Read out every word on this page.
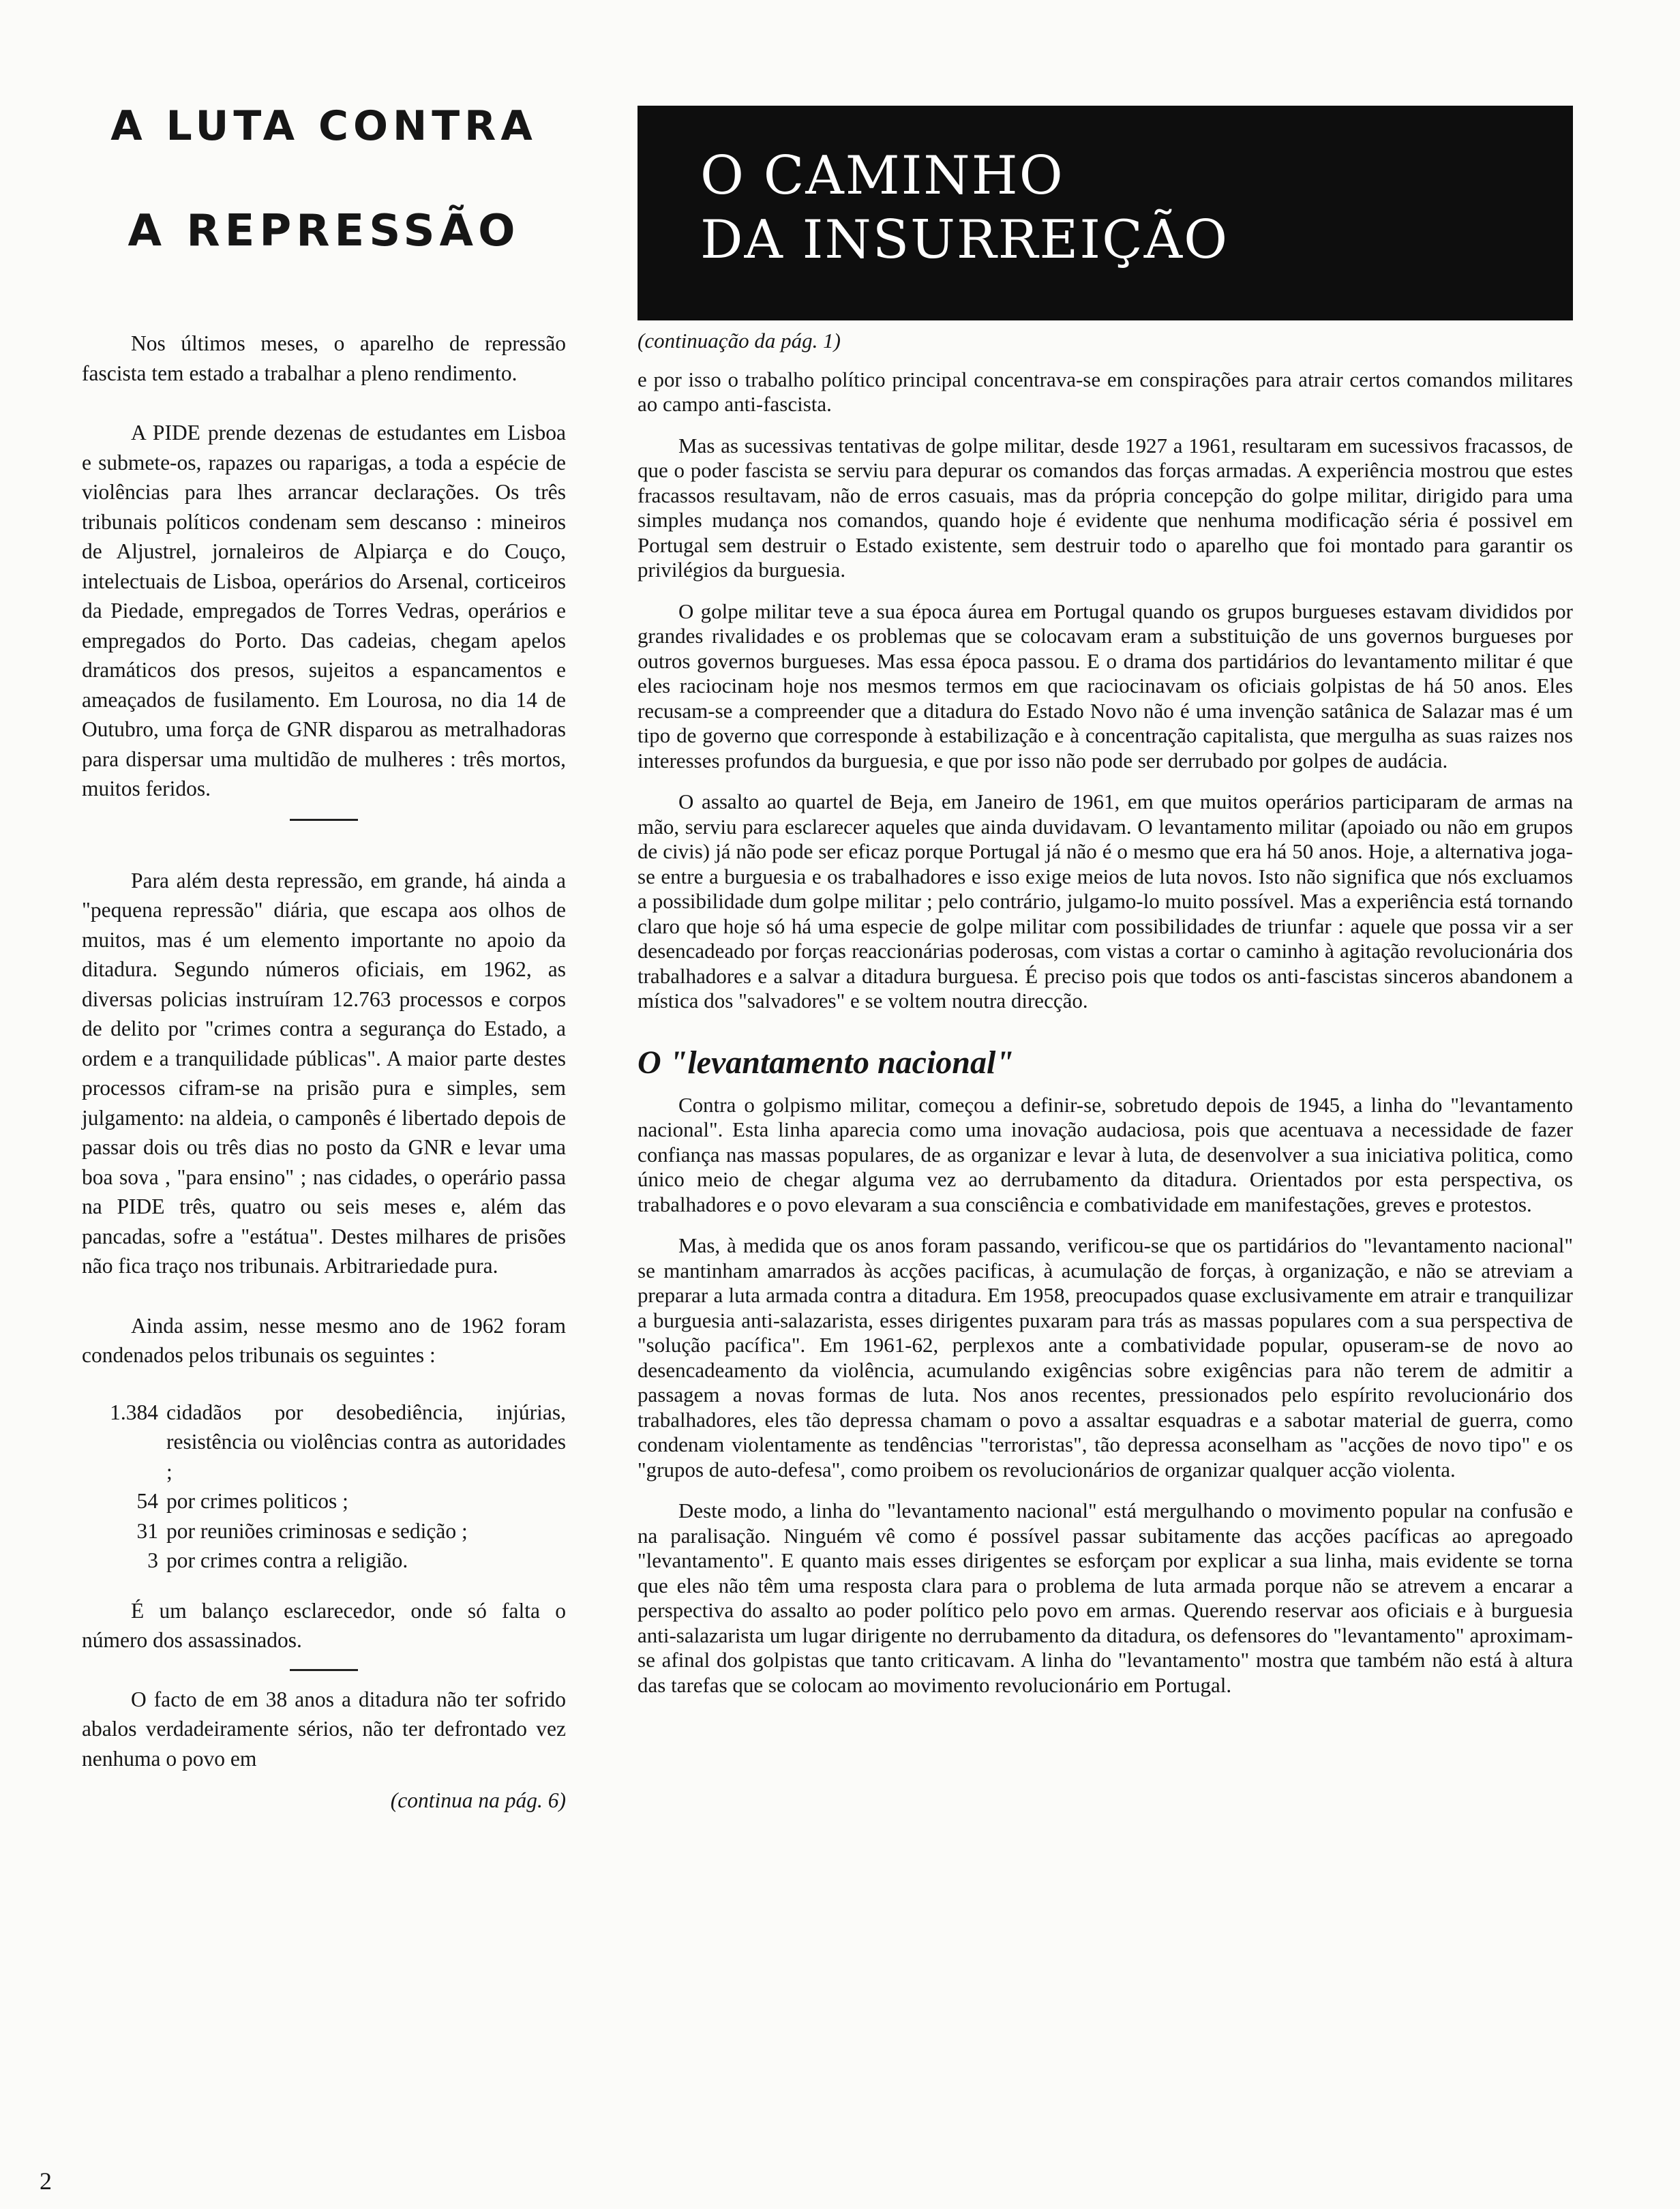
A LUTA CONTRA
A REPRESSÃO

Nos últimos meses, o aparelho de repressão fascista tem estado a trabalhar a pleno rendimento.

A PIDE prende dezenas de estudantes em Lisboa e submete-os, rapazes ou raparigas, a toda a espécie de violências para lhes arrancar declarações. Os três tribunais políticos condenam sem descanso : mineiros de Aljustrel, jornaleiros de Alpiarça e do Couço, intelectuais de Lisboa, operários do Arsenal, corticeiros da Piedade, empregados de Torres Vedras, operários e empregados do Porto. Das cadeias, chegam apelos dramáticos dos presos, sujeitos a espancamentos e ameaçados de fusilamento. Em Lourosa, no dia 14 de Outubro, uma força de GNR disparou as metralhadoras para dispersar uma multidão de mulheres : três mortos, muitos feridos.

Para além desta repressão, em grande, há ainda a "pequena repressão" diária, que escapa aos olhos de muitos, mas é um elemento importante no apoio da ditadura. Segundo números oficiais, em 1962, as diversas policias instruíram 12.763 processos e corpos de delito por "crimes contra a segurança do Estado, a ordem e a tranquilidade públicas". A maior parte destes processos cifram-se na prisão pura e simples, sem julgamento: na aldeia, o camponês é libertado depois de passar dois ou três dias no posto da GNR e levar uma boa sova , "para ensino" ; nas cidades, o operário passa na PIDE três, quatro ou seis meses e, além das pancadas, sofre a "estátua". Destes milhares de prisões não fica traço nos tribunais. Arbitrariedade pura.

Ainda assim, nesse mesmo ano de 1962 foram condenados pelos tribunais os seguintes :

1.384 cidadãos por desobediência, injúrias, resistência ou violências contra as autoridades ;
54 por crimes politicos ;
31 por reuniões criminosas e sedição ;
3 por crimes contra a religião.

É um balanço esclarecedor, onde só falta o número dos assassinados.

O facto de em 38 anos a ditadura não ter sofrido abalos verdadeiramente sérios, não ter defrontado vez nenhuma o povo em

(continua na pág. 6)
O CAMINHO
DA INSURREIÇÃO
(continuação da pág. 1)

e por isso o trabalho político principal concentrava-se em conspirações para atrair certos comandos militares ao campo anti-fascista.

Mas as sucessivas tentativas de golpe militar, desde 1927 a 1961, resultaram em sucessivos fracassos, de que o poder fascista se serviu para depurar os comandos das forças armadas. A experiência mostrou que estes fracassos resultavam, não de erros casuais, mas da própria concepção do golpe militar, dirigido para uma simples mudança nos comandos, quando hoje é evidente que nenhuma modificação séria é possivel em Portugal sem destruir o Estado existente, sem destruir todo o aparelho que foi montado para garantir os privilégios da burguesia.

O golpe militar teve a sua época áurea em Portugal quando os grupos burgueses estavam divididos por grandes rivalidades e os problemas que se colocavam eram a substituição de uns governos burgueses por outros governos burgueses. Mas essa época passou. E o drama dos partidários do levantamento militar é que eles raciocinam hoje nos mesmos termos em que raciocinavam os oficiais golpistas de há 50 anos. Eles recusam-se a compreender que a ditadura do Estado Novo não é uma invenção satânica de Salazar mas é um tipo de governo que corresponde à estabilização e à concentração capitalista, que mergulha as suas raizes nos interesses profundos da burguesia, e que por isso não pode ser derrubado por golpes de audácia.

O assalto ao quartel de Beja, em Janeiro de 1961, em que muitos operários participaram de armas na mão, serviu para esclarecer aqueles que ainda duvidavam. O levantamento militar (apoiado ou não em grupos de civis) já não pode ser eficaz porque Portugal já não é o mesmo que era há 50 anos. Hoje, a alternativa joga-se entre a burguesia e os trabalhadores e isso exige meios de luta novos. Isto não significa que nós excluamos a possibilidade dum golpe militar ; pelo contrário, julgamo-lo muito possível. Mas a experiência está tornando claro que hoje só há uma especie de golpe militar com possibilidades de triunfar : aquele que possa vir a ser desencadeado por forças reaccionárias poderosas, com vistas a cortar o caminho à agitação revolucionária dos trabalhadores e a salvar a ditadura burguesa. É preciso pois que todos os anti-fascistas sinceros abandonem a mística dos "salvadores" e se voltem noutra direcção.

O "levantamento nacional"

Contra o golpismo militar, começou a definir-se, sobretudo depois de 1945, a linha do "levantamento nacional". Esta linha aparecia como uma inovação audaciosa, pois que acentuava a necessidade de fazer confiança nas massas populares, de as organizar e levar à luta, de desenvolver a sua iniciativa politica, como único meio de chegar alguma vez ao derrubamento da ditadura. Orientados por esta perspectiva, os trabalhadores e o povo elevaram a sua consciência e combatividade em manifestações, greves e protestos.

Mas, à medida que os anos foram passando, verificou-se que os partidários do "levantamento nacional" se mantinham amarrados às acções pacificas, à acumulação de forças, à organização, e não se atreviam a preparar a luta armada contra a ditadura. Em 1958, preocupados quase exclusivamente em atrair e tranquilizar a burguesia anti-salazarista, esses dirigentes puxaram para trás as massas populares com a sua perspectiva de "solução pacífica". Em 1961-62, perplexos ante a combatividade popular, opuseram-se de novo ao desencadeamento da violência, acumulando exigências sobre exigências para não terem de admitir a passagem a novas formas de luta. Nos anos recentes, pressionados pelo espírito revolucionário dos trabalhadores, eles tão depressa chamam o povo a assaltar esquadras e a sabotar material de guerra, como condenam violentamente as tendências "terroristas", tão depressa aconselham as "acções de novo tipo" e os "grupos de auto-defesa", como proibem os revolucionários de organizar qualquer acção violenta.

Deste modo, a linha do "levantamento nacional" está mergulhando o movimento popular na confusão e na paralisação. Ninguém vê como é possível passar subitamente das acções pacíficas ao apregoado "levantamento". E quanto mais esses dirigentes se esforçam por explicar a sua linha, mais evidente se torna que eles não têm uma resposta clara para o problema de luta armada porque não se atrevem a encarar a perspectiva do assalto ao poder político pelo povo em armas. Querendo reservar aos oficiais e à burguesia anti-salazarista um lugar dirigente no derrubamento da ditadura, os defensores do "levantamento" aproximam-se afinal dos golpistas que tanto criticavam. A linha do "levantamento" mostra que também não está à altura das tarefas que se colocam ao movimento revolucionário em Portugal.

2
